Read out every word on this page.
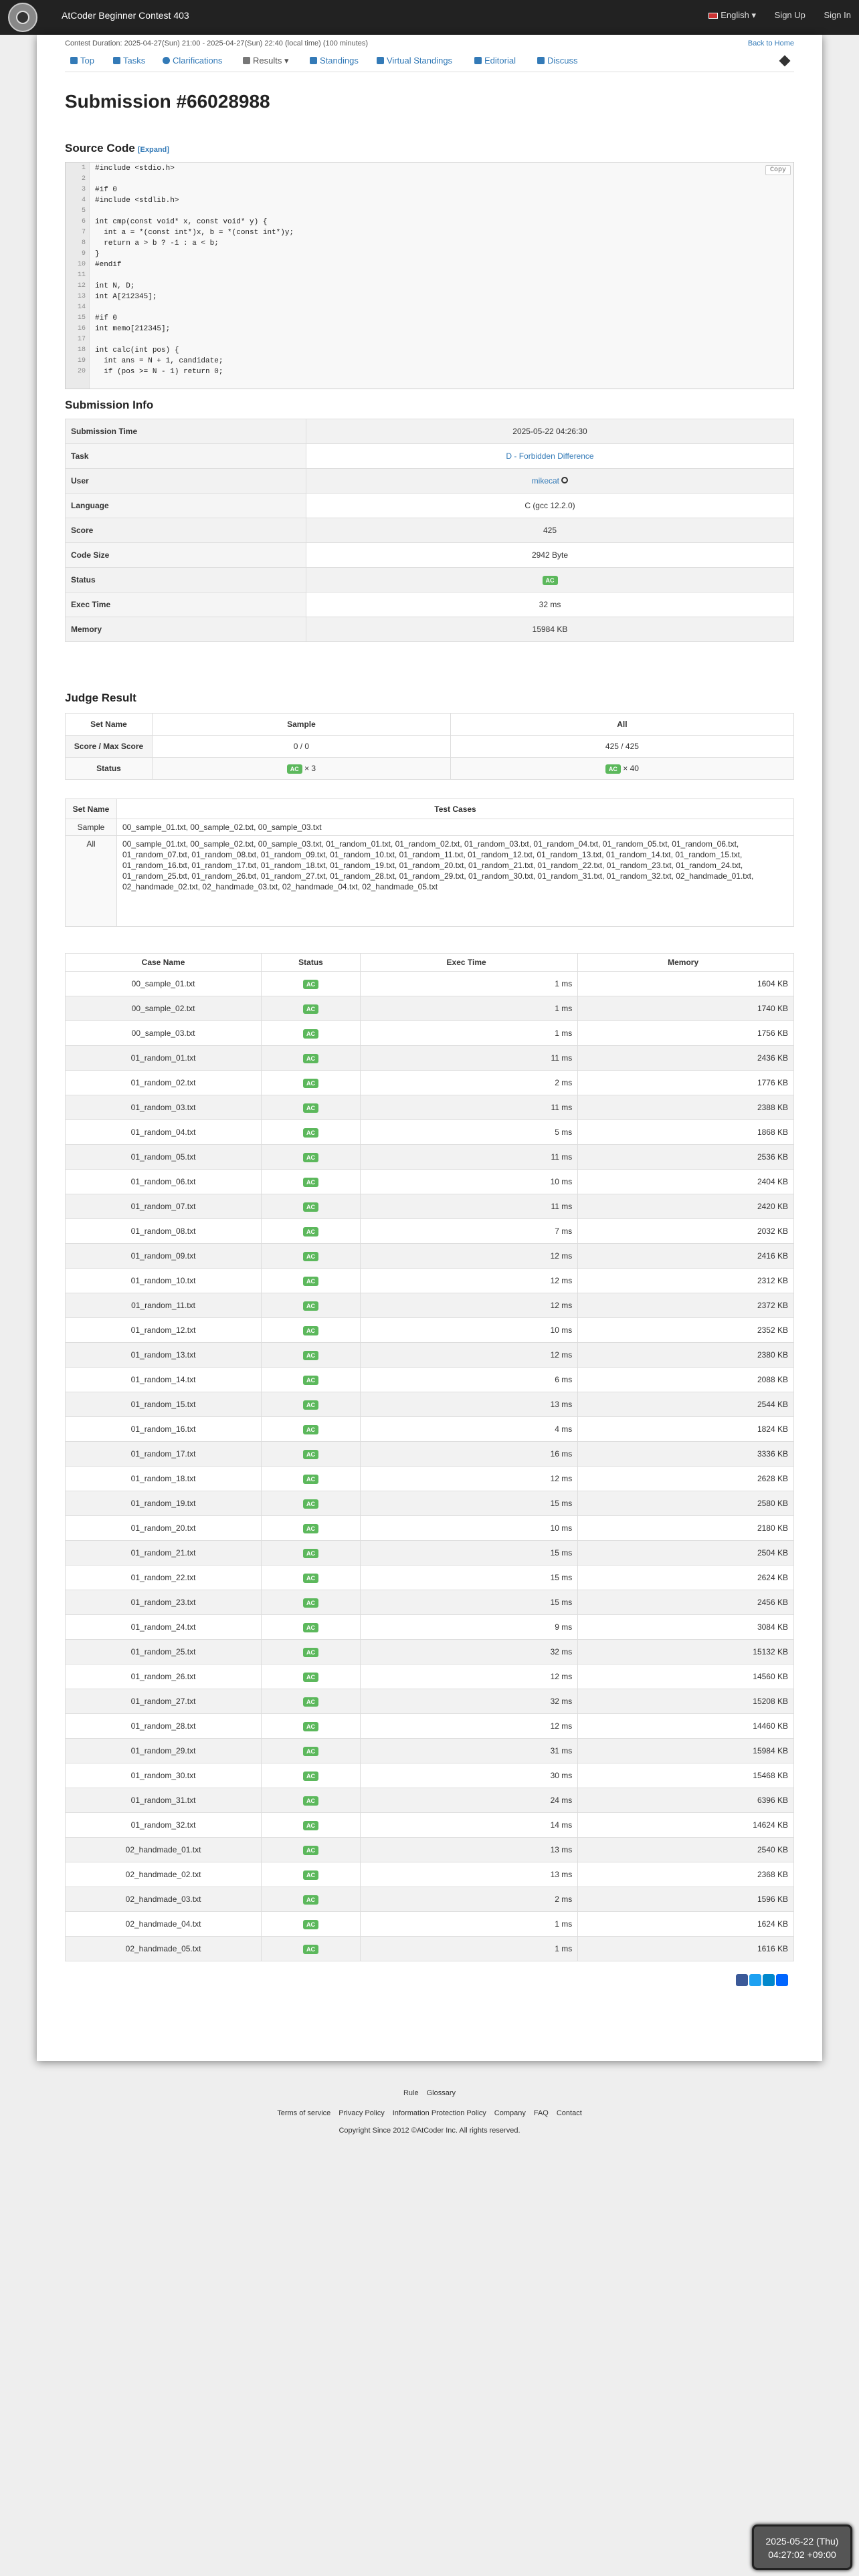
AtCoder Beginner Contest 403	English ▾ Sign Up Sign In
Contest Duration: 2025-04-27(Sun) 21:00 - 2025-04-27(Sun) 22:40 (local time) (100 minutes)	Back to Home
Top	Tasks	Clarifications	Results ▾	Standings	Virtual Standings	Editorial	Discuss
Submission #66028988
Source Code [Expand]
1 #include <stdio.h>
2
3 #if 0
4 #include <stdlib.h>
5
6 int cmp(const void* x, const void* y) {
7 int a = *(const int*)x, b = *(const int*)y;
8 return a > b ? -1 : a < b;
9 }
10 #endif
11
12 int N, D;
13 int A[212345];
14
15 #if 0
16 int memo[212345];
17
18 int calc(int pos) {
19 int ans = N + 1, candidate;
20 if (pos >= N - 1) return 0;
Copy
Submission Info
Submission Time	2025-05-22 04:26:30
Task	D - Forbidden Difference
User	mikecat
Language	C (gcc 12.2.0)
Score	425
Code Size	2942 Byte
Status	AC
Exec Time	32 ms
Memory	15984 KB
Judge Result
Set Name	Sample	All
Score / Max Score	0 / 0	425 / 425
Status	AC × 3	AC × 40
Set Name	Test Cases
Sample	00_sample_01.txt, 00_sample_02.txt, 00_sample_03.txt
All	00_sample_01.txt, 00_sample_02.txt, 00_sample_03.txt, 01_random_01.txt, 01_random_02.txt, 01_random_03.txt, 01_random_04.txt, 01_random_05.txt, 01_random_06.txt, 01_random_07.txt, 01_random_08.txt, 01_random_09.txt, 01_random_10.txt, 01_random_11.txt, 01_random_12.txt, 01_random_13.txt, 01_random_14.txt, 01_random_15.txt, 01_random_16.txt, 01_random_17.txt, 01_random_18.txt, 01_random_19.txt, 01_random_20.txt, 01_random_21.txt, 01_random_22.txt, 01_random_23.txt, 01_random_24.txt, 01_random_25.txt, 01_random_26.txt, 01_random_27.txt, 01_random_28.txt, 01_random_29.txt, 01_random_30.txt, 01_random_31.txt, 01_random_32.txt, 02_handmade_01.txt, 02_handmade_02.txt, 02_handmade_03.txt, 02_handmade_04.txt, 02_handmade_05.txt
Case Name	Status	Exec Time	Memory
00_sample_01.txt	AC	1 ms	1604 KB
00_sample_02.txt	AC	1 ms	1740 KB
00_sample_03.txt	AC	1 ms	1756 KB
01_random_01.txt	AC	11 ms	2436 KB
01_random_02.txt	AC	2 ms	1776 KB
01_random_03.txt	AC	11 ms	2388 KB
01_random_04.txt	AC	5 ms	1868 KB
01_random_05.txt	AC	11 ms	2536 KB
01_random_06.txt	AC	10 ms	2404 KB
01_random_07.txt	AC	11 ms	2420 KB
01_random_08.txt	AC	7 ms	2032 KB
01_random_09.txt	AC	12 ms	2416 KB
01_random_10.txt	AC	12 ms	2312 KB
01_random_11.txt	AC	12 ms	2372 KB
01_random_12.txt	AC	10 ms	2352 KB
01_random_13.txt	AC	12 ms	2380 KB
01_random_14.txt	AC	6 ms	2088 KB
01_random_15.txt	AC	13 ms	2544 KB
01_random_16.txt	AC	4 ms	1824 KB
01_random_17.txt	AC	16 ms	3336 KB
01_random_18.txt	AC	12 ms	2628 KB
01_random_19.txt	AC	15 ms	2580 KB
01_random_20.txt	AC	10 ms	2180 KB
01_random_21.txt	AC	15 ms	2504 KB
01_random_22.txt	AC	15 ms	2624 KB
01_random_23.txt	AC	15 ms	2456 KB
01_random_24.txt	AC	9 ms	3084 KB
01_random_25.txt	AC	32 ms	15132 KB
01_random_26.txt	AC	12 ms	14560 KB
01_random_27.txt	AC	32 ms	15208 KB
01_random_28.txt	AC	12 ms	14460 KB
01_random_29.txt	AC	31 ms	15984 KB
01_random_30.txt	AC	30 ms	15468 KB
01_random_31.txt	AC	24 ms	6396 KB
01_random_32.txt	AC	14 ms	14624 KB
02_handmade_01.txt	AC	13 ms	2540 KB
02_handmade_02.txt	AC	13 ms	2368 KB
02_handmade_03.txt	AC	2 ms	1596 KB
02_handmade_04.txt	AC	1 ms	1624 KB
02_handmade_05.txt	AC	1 ms	1616 KB
Rule Glossary
Terms of service Privacy Policy Information Protection Policy Company FAQ Contact
Copyright Since 2012 ©AtCoder Inc. All rights reserved.
2025-05-22 (Thu)
04:27:02 +09:00
